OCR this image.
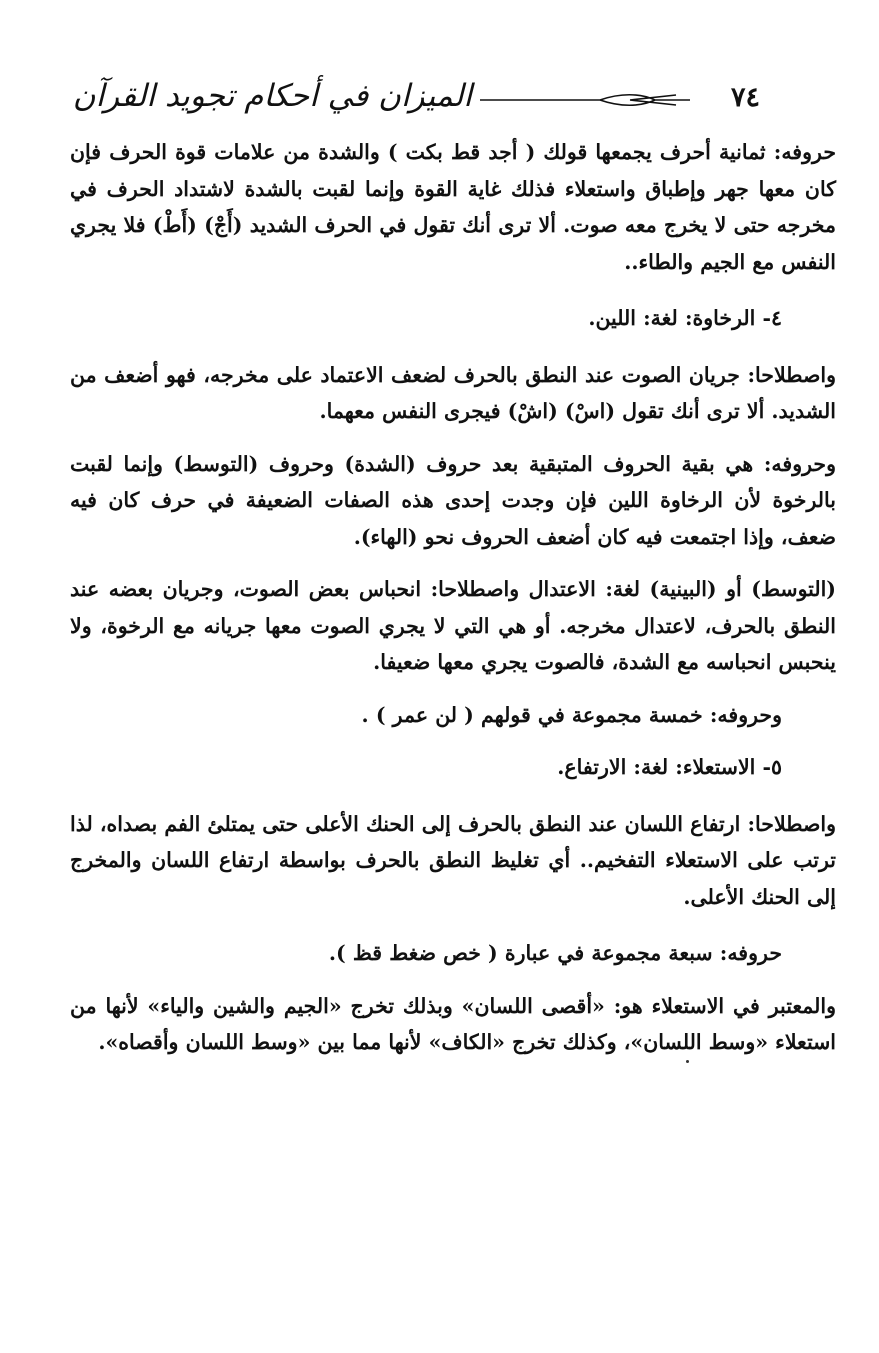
٧٤
الميزان في أحكام تجويد القرآن

حروفه: ثمانية أحرف يجمعها قولك ( أجد قط بكت ) والشدة من علامات قوة الحرف فإن كان معها جهر وإطباق واستعلاء فذلك غاية القوة وإنما لقبت بالشدة لاشتداد الحرف في مخرجه حتى لا يخرج معه صوت. ألا ترى أنك تقول في الحرف الشديد (أَجْ) (أَطْ) فلا يجري النفس مع الجيم والطاء..

٤- الرخاوة: لغة: اللين.

واصطلاحا: جريان الصوت عند النطق بالحرف لضعف الاعتماد على مخرجه، فهو أضعف من الشديد. ألا ترى أنك تقول (اسْ) (اشْ) فيجرى النفس معهما.

وحروفه: هي بقية الحروف المتبقية بعد حروف (الشدة) وحروف (التوسط) وإنما لقبت بالرخوة لأن الرخاوة اللين فإن وجدت إحدى هذه الصفات الضعيفة في حرف كان فيه ضعف، وإذا اجتمعت فيه كان أضعف الحروف نحو (الهاء).

(التوسط) أو (البينية) لغة: الاعتدال واصطلاحا: انحباس بعض الصوت، وجريان بعضه عند النطق بالحرف، لاعتدال مخرجه. أو هي التي لا يجري الصوت معها جريانه مع الرخوة، ولا ينحبس انحباسه مع الشدة، فالصوت يجري معها ضعيفا.

وحروفه: خمسة مجموعة في قولهم ( لن عمر ) .

٥- الاستعلاء: لغة: الارتفاع.

واصطلاحا: ارتفاع اللسان عند النطق بالحرف إلى الحنك الأعلى حتى يمتلئ الفم بصداه، لذا ترتب على الاستعلاء التفخيم.. أي تغليظ النطق بالحرف بواسطة ارتفاع اللسان والمخرج إلى الحنك الأعلى.

حروفه: سبعة مجموعة في عبارة ( خص ضغط قظ ).

والمعتبر في الاستعلاء هو: «أقصى اللسان» وبذلك تخرج «الجيم والشين والياء» لأنها من استعلاء «وسط اللسان»، وكذلك تخرج «الكاف» لأنها مما بين «وسط اللسان وأقصاه».
